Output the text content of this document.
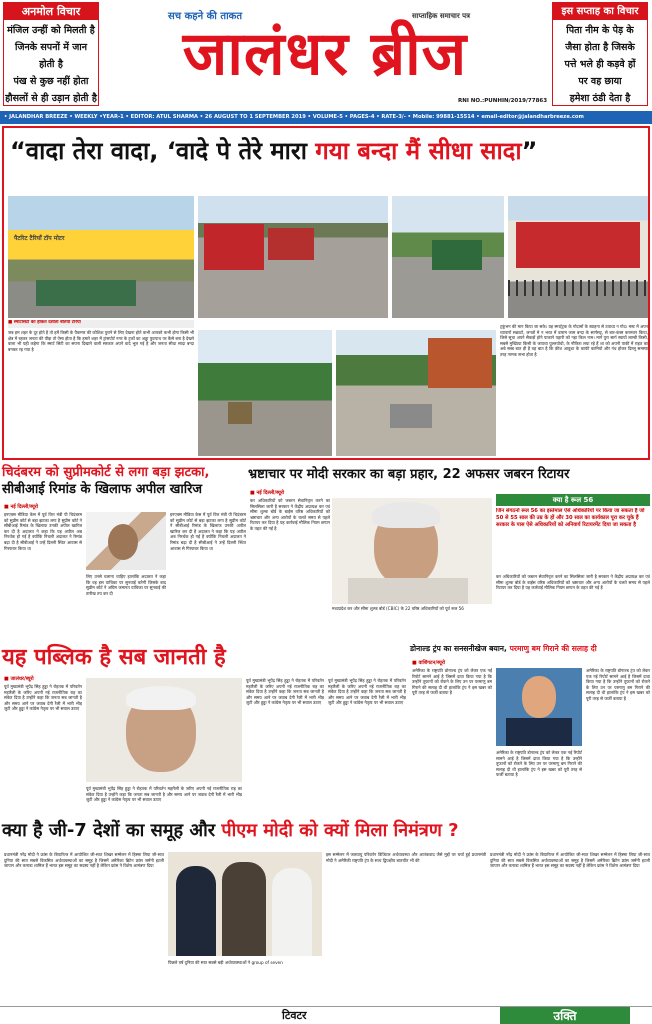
अनमोल विचार
मंजिल उन्हीं को मिलती है
जिनके सपनों में जान
होती है
पंख से कुछ नहीं होता
हौसलों से ही उड़ान होती है
सच कहने की ताकत	साप्ताहिक समाचार पत्र
जालंधर ब्रीज
RNI NO.:PUNHIN/2019/77863
इस सप्ताह का विचार
पिता नीम के पेड़ के
जैसा होता है जिसके
पत्ते भले ही कड़वे हों
पर वह छाया
हमेशा ठंडी देता है
• JALANDHAR BREEZE • WEEKLY •YEAR-1 • EDITOR: ATUL SHARMA • 26 AUGUST TO 1 SEPTEMBER 2019 • VOLUME-5 • PAGES-4 • RATE-3/- • Mobile: 99881-15514 • email-editor@jalandharbreeze.com
“वादा तेरा वादा, ‘वादे पे तेरे मारा गया बन्दा मैं सीधा सादा”
पैटरिट टैरियाँ टॉप मोटर
■ स्मार्टसिटी की हीकत दर्शाता बेतिया टैरियाँ
जब हम शहर के दूर होते है तो हमें किसी के पैकमार की कोशिश पुराने से लिए देखना होते कभी आपको कभी होगा किसी भी क्षेत्र में रहकर जनता की पीड़ा तो ऐसा होता है कि हमारे शहर में ट्रांसपोर्ट नगर के ट्रकों का अड्डा फुटपाथ पर कैसे बना है देखने वाला भी यही कहेगा कि स्मार्ट सिटी का सपना दिखाने वाली सरकार अपने वादे भूल गई है और जनता सीधा सादा बन्दा बनकर रह गया है
ट्रकुंभन की मान किया जा सके। ग्रह स्मार्ट्ट्रक के गोदामों के ब्याहना से उपाध्य न गोद। मस्ट में अपन व्यापारों सक्राटो, जनत्रों मे न भरत में वाराम जाम बन्दा के सार्गसट्र, से बार-कंब्म करमवन किया, जिसे सूचा अपने सैकड़ों होने पाकाने पहारी को नहा किल नाम। मार्ग पुरा सार्ग स्वायों लाम्बी किसी, सबसे मुख्यिया किसी के जायव्य पुल्लयोधी, के नौकिरा लघा रहे हैं शा को अपनी पाकी में राहत का अन्ने सब्ब बात ही है वह बात है कि क़ीश आवुशा के काफी कामियो और गंध होकर दिल्लू समस्या तरह नामक सभा होता है
चिदंबरम को सुप्रीमकोर्ट से लगा बड़ा झटका,
सीबीआई रिमांड के खिलाफ अपील खारिज
■ नई दिल्ली/ब्यूरो
इनएक्स मीडिया केस में पूर्व वित्त मंत्री पी चिदंबरम को सुप्रीम कोर्ट से बड़ा झटका लगा है सुप्रीम कोर्ट ने सीबीआई रिमांड के खिलाफ उनकी अपील खारिज कर दी है अदालत ने कहा कि यह अपील अब निरर्थक हो गई है क्योंकि निचली अदालत ने रिमांड बढ़ा दी है सीबीआई ने उन्हें दिल्ली स्थित आवास से गिरफ्तार किया था
लिए उनसे चलाना चाहिए हालांकि अदालत ने कहा कि वह इस याचिका पर सुनवाई करेगी जिसके बाद सुप्रीम कोर्ट ने अग्रिम जमानत याचिका पर सुनवाई की तारीख तय कर दी
इनएक्स मीडिया केस में पूर्व वित्त मंत्री पी चिदंबरम को सुप्रीम कोर्ट से बड़ा झटका लगा है सुप्रीम कोर्ट ने सीबीआई रिमांड के खिलाफ उनकी अपील खारिज कर दी है अदालत ने कहा कि यह अपील अब निरर्थक हो गई है क्योंकि निचली अदालत ने रिमांड बढ़ा दी है सीबीआई ने उन्हें दिल्ली स्थित आवास से गिरफ्तार किया था
भ्रष्टाचार पर मोदी सरकार का बड़ा प्रहार, 22 अफसर जबरन रिटायर
■ नई दिल्ली/ब्यूरो
कर अधिकारियों को जबरन सेवानिवृत्त करने का सिलसिला जारी है सरकार ने केंद्रीय अप्रत्यक्ष कर एवं सीमा शुल्क बोर्ड के बाईस वरिष्ठ अधिकारियों को भ्रष्टाचार और अन्य आरोपों के चलते समय से पहले रिटायर कर दिया है यह कार्रवाई मौलिक नियम छप्पन के तहत की गई है
मध्यप्रदेश कर और सीमा शुल्क बोर्ड (CBIC) के 22 वरिष्ठ अधिकारियों को पूर्व रूल 56
क्या है रूल 56
जिन संगठनों रूल 56 का इस्तेमाल ऐसे अधिकारियों पर किया जा सकता है जो 50 से 55 साल की उम्र के हों और 30 साल का कार्यकाल पूरा कर चुके हैं सरकार के पास ऐसे अधिकारियों को अनिवार्य रिटायरमेंट दिया जा सकता है
कर अधिकारियों को जबरन सेवानिवृत्त करने का सिलसिला जारी है सरकार ने केंद्रीय अप्रत्यक्ष कर एवं सीमा शुल्क बोर्ड के बाईस वरिष्ठ अधिकारियों को भ्रष्टाचार और अन्य आरोपों के चलते समय से पहले रिटायर कर दिया है यह कार्रवाई मौलिक नियम छप्पन के तहत की गई है
यह पब्लिक है सब जानती है
■ जालंधर/ब्यूरो
पूर्व मुख्यमंत्री भूपेंद्र सिंह हुड्डा ने रोहतक में परिवर्तन महारैली के जरिए अपनी नई राजनीतिक राह का संकेत दिया है उन्होंने कहा कि जनता सब जानती है और समय आने पर जवाब देगी रैली में भारी भीड़ जुटी और हुड्डा ने कांग्रेस नेतृत्व पर भी सवाल उठाए
पूर्व मुख्यमंत्री भूपेंद्र सिंह हुड्डा ने रोहतक में परिवर्तन महारैली के जरिए अपनी नई राजनीतिक राह का संकेत दिया है उन्होंने कहा कि जनता सब जानती है और समय आने पर जवाब देगी रैली में भारी भीड़ जुटी और हुड्डा ने कांग्रेस नेतृत्व पर भी सवाल उठाए
पूर्व मुख्यमंत्री भूपेंद्र सिंह हुड्डा ने रोहतक में परिवर्तन महारैली के जरिए अपनी नई राजनीतिक राह का संकेत दिया है उन्होंने कहा कि जनता सब जानती है और समय आने पर जवाब देगी रैली में भारी भीड़ जुटी और हुड्डा ने कांग्रेस नेतृत्व पर भी सवाल उठाए
पूर्व मुख्यमंत्री भूपेंद्र सिंह हुड्डा ने रोहतक में परिवर्तन महारैली के जरिए अपनी नई राजनीतिक राह का संकेत दिया है उन्होंने कहा कि जनता सब जानती है और समय आने पर जवाब देगी रैली में भारी भीड़ जुटी और हुड्डा ने कांग्रेस नेतृत्व पर भी सवाल उठाए
डोनाल्ड ट्रंप का सनसनीखेज बयान, परमाणु बम गिराने की सलाह दी
■ वाशिंगटन/ब्यूरो
अमेरिका के राष्ट्रपति डोनाल्ड ट्रंप को लेकर एक नई रिपोर्ट सामने आई है जिसमें दावा किया गया है कि उन्होंने तूफानों को रोकने के लिए उन पर परमाणु बम गिराने की सलाह दी थी हालांकि ट्रंप ने इस खबर को पूरी तरह से फर्जी बताया है
अमेरिका के राष्ट्रपति डोनाल्ड ट्रंप को लेकर एक नई रिपोर्ट सामने आई है जिसमें दावा किया गया है कि उन्होंने तूफानों को रोकने के लिए उन पर परमाणु बम गिराने की सलाह दी थी हालांकि ट्रंप ने इस खबर को पूरी तरह से फर्जी बताया है
अमेरिका के राष्ट्रपति डोनाल्ड ट्रंप को लेकर एक नई रिपोर्ट सामने आई है जिसमें दावा किया गया है कि उन्होंने तूफानों को रोकने के लिए उन पर परमाणु बम गिराने की सलाह दी थी हालांकि ट्रंप ने इस खबर को पूरी तरह से फर्जी बताया है
क्या है जी-7 देशों का समूह और पीएम मोदी को क्यों मिला निमंत्रण ?
प्रधानमंत्री नरेंद्र मोदी ने फ्रांस के बियारित्ज में आयोजित जी-सात शिखर सम्मेलन में हिस्सा लिया जी-सात दुनिया की सात सबसे विकसित अर्थव्यवस्थाओं का समूह है जिसमें अमेरिका ब्रिटेन फ्रांस जर्मनी इटली जापान और कनाडा शामिल हैं भारत इस समूह का सदस्य नहीं है लेकिन फ्रांस ने विशेष आमंत्रण दिया
पिछले वर्ष दुनिया की सात सबसे बड़ी अर्थव्यवस्थाओं ने group of seven
इस सम्मेलन में जलवायु परिवर्तन डिजिटल अर्थव्यवस्था और आतंकवाद जैसे मुद्दों पर चर्चा हुई प्रधानमंत्री मोदी ने अमेरिकी राष्ट्रपति ट्रंप के साथ द्विपक्षीय बातचीत भी की
प्रधानमंत्री नरेंद्र मोदी ने फ्रांस के बियारित्ज में आयोजित जी-सात शिखर सम्मेलन में हिस्सा लिया जी-सात दुनिया की सात सबसे विकसित अर्थव्यवस्थाओं का समूह है जिसमें अमेरिका ब्रिटेन फ्रांस जर्मनी इटली जापान और कनाडा शामिल हैं भारत इस समूह का सदस्य नहीं है लेकिन फ्रांस ने विशेष आमंत्रण दिया
टिवटर	उक्ति
